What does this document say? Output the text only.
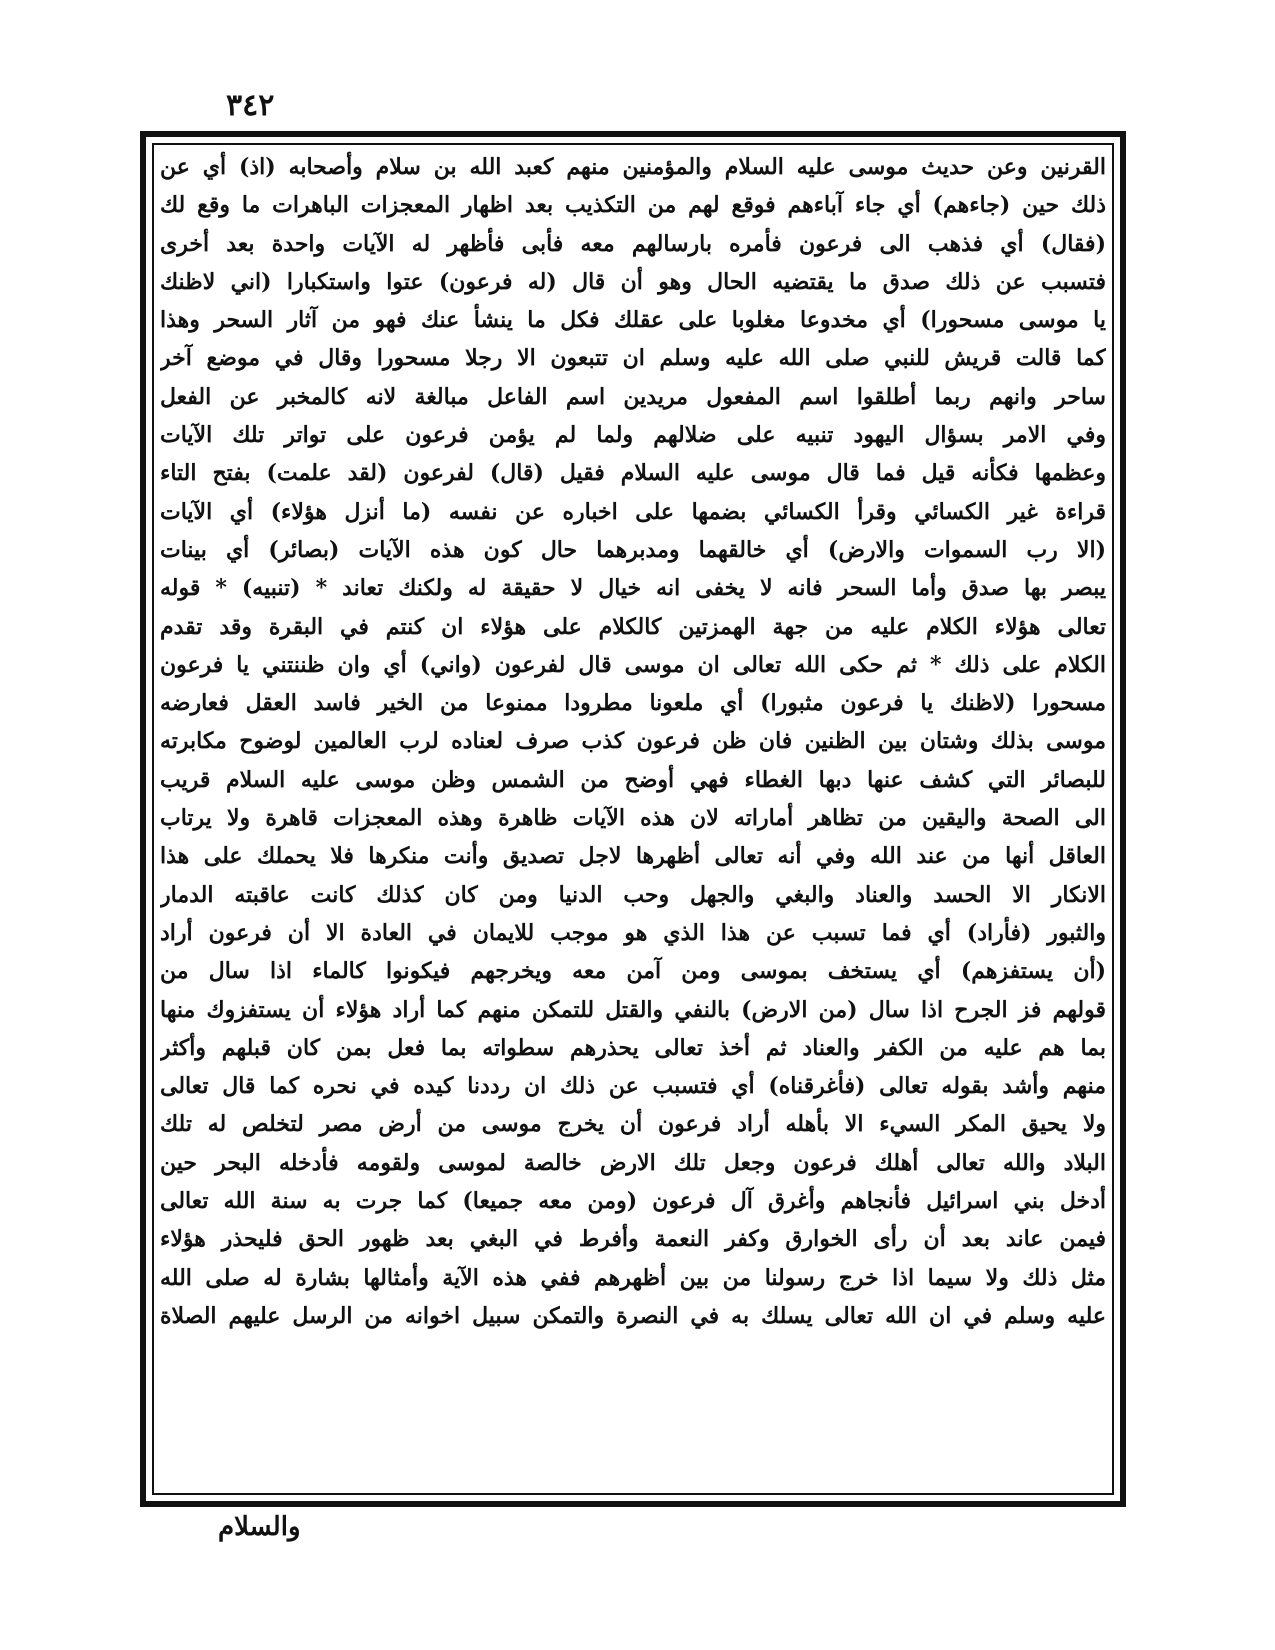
٣٤٢
القرنين وعن حديث موسى عليه السلام والمؤمنين منهم كعبد الله بن سلام وأصحابه (اذ) أي عن
ذلك حين (جاءهم) أي جاء آباءهم فوقع لهم من التكذيب بعد اظهار المعجزات الباهرات ما وقع لك
(فقال) أي فذهب الى فرعون فأمره بارسالهم معه فأبى فأظهر له الآيات واحدة بعد أخرى
فتسبب عن ذلك صدق ما يقتضيه الحال وهو أن قال (له فرعون) عتوا واستكبارا (اني لاظنك
يا موسى مسحورا) أي مخدوعا مغلوبا على عقلك فكل ما ينشأ عنك فهو من آثار السحر وهذا
كما قالت قريش للنبي صلى الله عليه وسلم ان تتبعون الا رجلا مسحورا وقال في موضع آخر
ساحر وانهم ربما أطلقوا اسم المفعول مريدين اسم الفاعل مبالغة لانه كالمخبر عن الفعل
وفي الامر بسؤال اليهود تنبيه على ضلالهم ولما لم يؤمن فرعون على تواتر تلك الآيات
وعظمها فكأنه قيل فما قال موسى عليه السلام فقيل (قال) لفرعون (لقد علمت) بفتح التاء
قراءة غير الكسائي وقرأ الكسائي بضمها على اخباره عن نفسه (ما أنزل هؤلاء) أي الآيات
(الا رب السموات والارض) أي خالقهما ومدبرهما حال كون هذه الآيات (بصائر) أي بينات
يبصر بها صدق وأما السحر فانه لا يخفى انه خيال لا حقيقة له ولكنك تعاند * (تنبيه) * قوله
تعالى هؤلاء الكلام عليه من جهة الهمزتين كالكلام على هؤلاء ان كنتم في البقرة وقد تقدم
الكلام على ذلك * ثم حكى الله تعالى ان موسى قال لفرعون (واني) أي وان ظننتني يا فرعون
مسحورا (لاظنك يا فرعون مثبورا) أي ملعونا مطرودا ممنوعا من الخير فاسد العقل فعارضه
موسى بذلك وشتان بين الظنين فان ظن فرعون كذب صرف لعناده لرب العالمين لوضوح مكابرته
للبصائر التي كشف عنها دبها الغطاء فهي أوضح من الشمس وظن موسى عليه السلام قريب
الى الصحة واليقين من تظاهر أماراته لان هذه الآيات ظاهرة وهذه المعجزات قاهرة ولا يرتاب
العاقل أنها من عند الله وفي أنه تعالى أظهرها لاجل تصديق وأنت منكرها فلا يحملك على هذا
الانكار الا الحسد والعناد والبغي والجهل وحب الدنيا ومن كان كذلك كانت عاقبته الدمار
والثبور (فأراد) أي فما تسبب عن هذا الذي هو موجب للايمان في العادة الا أن فرعون أراد
(أن يستفزهم) أي يستخف بموسى ومن آمن معه ويخرجهم فيكونوا كالماء اذا سال من
قولهم فز الجرح اذا سال (من الارض) بالنفي والقتل للتمكن منهم كما أراد هؤلاء أن يستفزوك منها
بما هم عليه من الكفر والعناد ثم أخذ تعالى يحذرهم سطواته بما فعل بمن كان قبلهم وأكثر
منهم وأشد بقوله تعالى (فأغرقناه) أي فتسبب عن ذلك ان رددنا كيده في نحره كما قال تعالى
ولا يحيق المكر السيء الا بأهله أراد فرعون أن يخرج موسى من أرض مصر لتخلص له تلك
البلاد والله تعالى أهلك فرعون وجعل تلك الارض خالصة لموسى ولقومه فأدخله البحر حين
أدخل بني اسرائيل فأنجاهم وأغرق آل فرعون (ومن معه جميعا) كما جرت به سنة الله تعالى
فيمن عاند بعد أن رأى الخوارق وكفر النعمة وأفرط في البغي بعد ظهور الحق فليحذر هؤلاء
مثل ذلك ولا سيما اذا خرج رسولنا من بين أظهرهم ففي هذه الآية وأمثالها بشارة له صلى الله
عليه وسلم في ان الله تعالى يسلك به في النصرة والتمكن سبيل اخوانه من الرسل عليهم الصلاة
والسلام
